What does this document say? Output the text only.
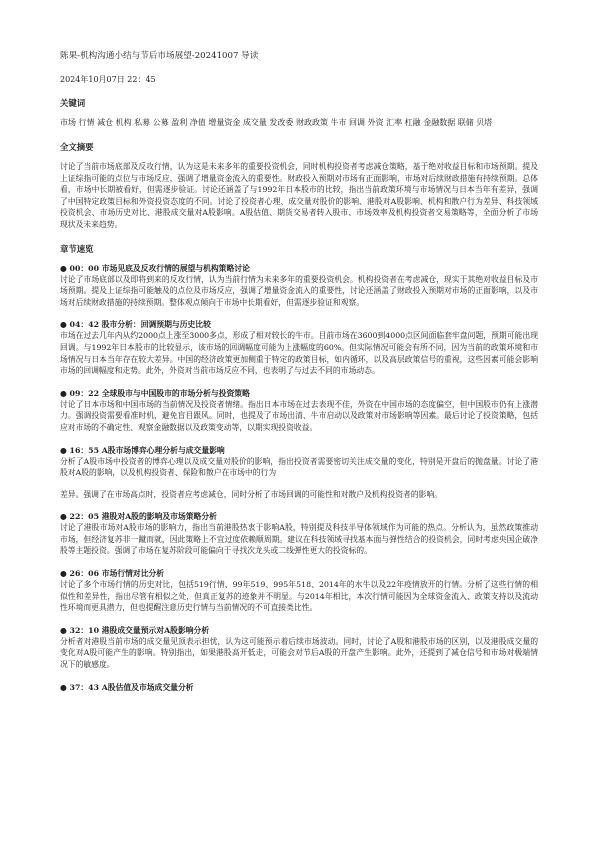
陈果-机构沟通小结与节后市场展望-20241007 导读
2024年10月07日 22：45
关键词
市场 行情 减仓 机构 私募 公募 盈利 净值 增量资金 成交量 发改委 财政政策 牛市 回调 外资 汇率 杠融 金融数据 联储 贝塔
全文摘要
讨论了当前市场底部及反攻行情，认为这是未来多年的重要投资机会，同时机构投资者考虑减仓策略，基于绝对收益目标和市场预期。提及上证综指可能的点位与市场反应，强调了增量资金流入的重要性。财政投入预期对市场有正面影响，市场对后续财政措施有持续预期。总体看，市场中长期被看好，但需逐步验证。讨论还涵盖了与1992年日本股市的比较，指出当前政策环境与市场情况与日本当年有差异，强调了中国特定政策目标和外资投资态度的不同。讨论了投资者心理、成交量对股价的影响、港股对A股影响、机构和散户行为差异、科技领域投资机会、市场历史对比、港股成交量对A股影响。A股估值、期货交易者转入股市、市场效率及机构投资者交易策略等，全面分析了市场现状及未来趋势。
章节速览
● 00：00 市场见底及反攻行情的展望与机构策略讨论
讨论了市场底部以及即将到来的反攻行情，认为当前行情为未来多年的重要投资机会。机构投资者在考虑减仓，现实于其绝对收益目标及市场预期。提及上证综指可能触及的点位及市场反应，强调了增量资金流入的重要性，讨论还涵盖了财政投入预期对市场的正面影响，以及市场对后续财政措施的持续预期。整体观点倾向于市场中长期看好，但需逐步验证和观察。
● 04：42 股市分析：回调预期与历史比较
市场在过去几年内从约2000点上涨至3000多点，形成了相对较长的牛市。目前市场在3600到4000点区间面临套牢盘问题，预期可能出现回调。与1992年日本股市的比较显示，该市场的回调幅度可能为上涨幅度的60%。但实际情况可能会有所不同，因为当前的政策环境和市场情况与日本当年存在较大差异。中国的经济政策更加侧重于特定的政策目标，如内循环，以及高层政策信号的重视，这些因素可能会影响市场的回调幅度和走势。此外，外资对当前市场反应不同，也表明了与过去不同的市场动态。
● 09：22 全球股市与中国股市的市场分析与投资策略
讨论了日本市场和中国市场的当前情况及投资者情绪。指出日本市场在过去表现不佳，外资在中国市场的态度偏空，但中国股市仍有上涨潜力。强调投资需要看准时机，避免盲目跟风。同时，也提及了市场出清、牛市启动以及政策对市场影响等因素。最后讨论了投资策略，包括应对市场的不确定性、观察金融数据以及政策变动等，以期实现投资收益。
● 16：55 A股市场博弈心理分析与成交量影响
分析了A股市场中投资者的博弈心理以及成交量对股价的影响，指出投资者需要密切关注成交量的变化，特别是开盘后的抛盘量。讨论了港股对A股的影响，以及机构投资者、保险和散户在市场中的行为
差异。强调了在市场高点时，投资者应考虑减仓，同时分析了市场回调的可能性和对散户及机构投资者的影响。
● 22：05 港股对A股的影响及市场策略分析
讨论了港股市场对A股市场的影响力，指出当前港股热衷于影响A股，特别提及科技半导体领域作为可能的热点。分析认为，虽然政策推动市场，但经济复苏非一蹴而就，因此策略上不宜过度依赖顺周期。建议在科技领域寻找基本面与弹性结合的投资机会，同时考虑央国企破净股等主题投资。强调了市场在复苏阶段可能偏向于寻找次龙头或二线弹性更大的投资标的。
● 26：06 市场行情对比分析
讨论了多个市场行情的历史对比，包括519行情、99年519、995年518、2014年的水牛以及22年疫情放开的行情。分析了这些行情的相似性和差异性，指出尽管有相似之处，但真正复苏的迹象并不明显。与2014年相比，本次行情可能因为全球资金流入、政策支持以及流动性环境而更具潜力，但也提醒注意历史行情与当前情况的不可直接类比性。
● 32：10 港股成交量预示对A股影响分析
分析者对港股当前市场的成交量见顶表示担忧，认为这可能预示着后续市场波动。同时，讨论了A股和港股市场的区别，以及港股成交量的变化对A股可能产生的影响。特别指出，如果港股高开低走，可能会对节后A股的开盘产生影响。此外，还提到了减仓信号和市场对极端情况下的敏感度。
● 37：43 A股估值及市场成交量分析
